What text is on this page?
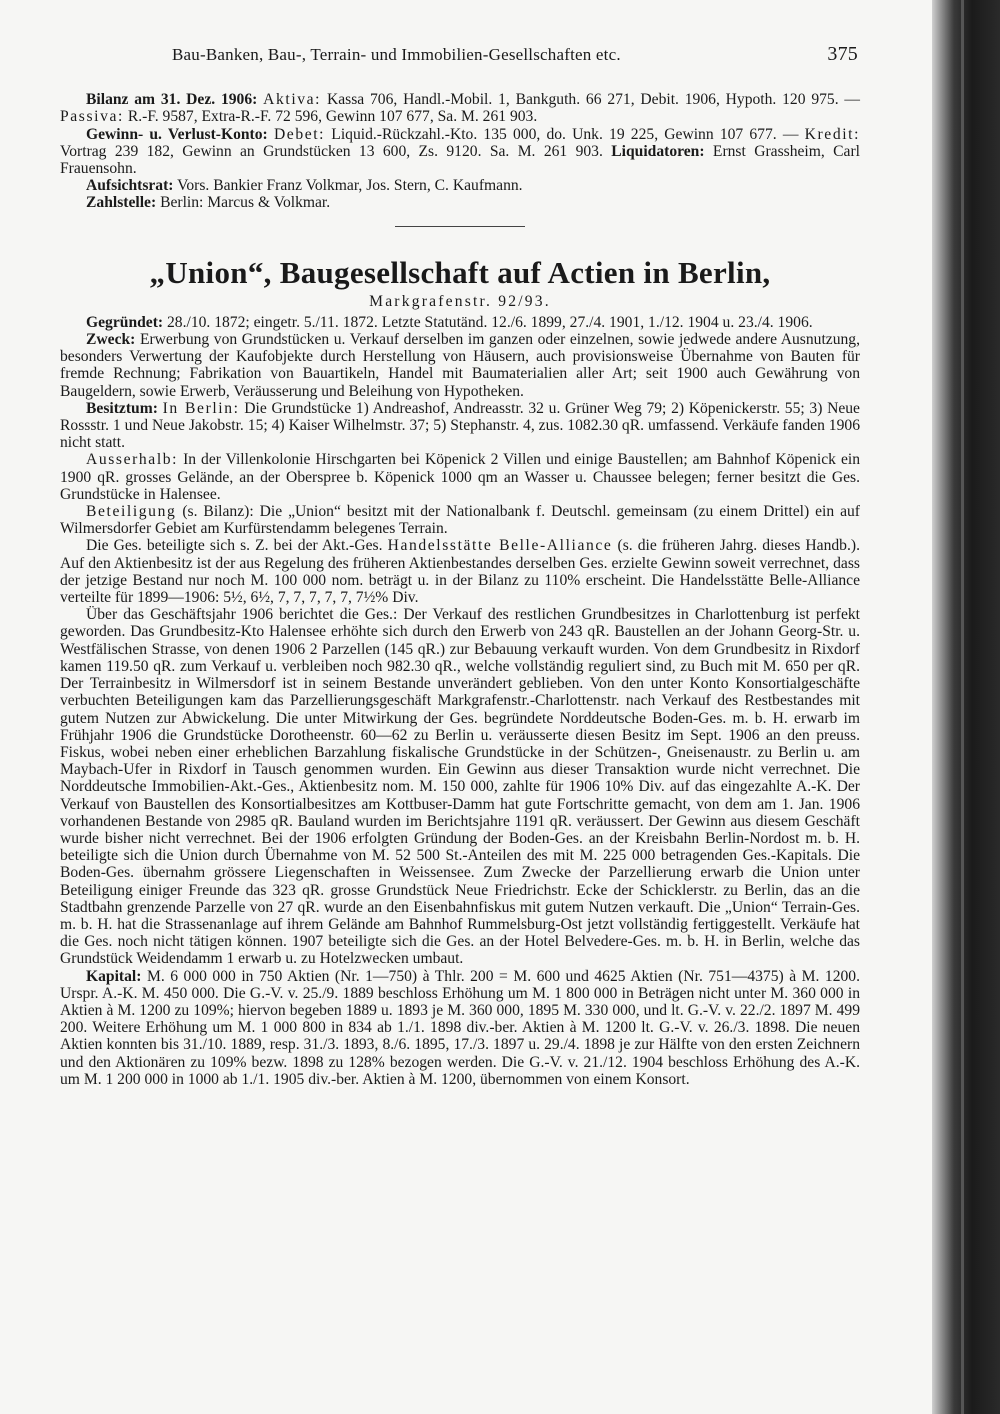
Bau-Banken, Bau-, Terrain- und Immobilien-Gesellschaften etc.	375

Bilanz am 31. Dez. 1906: Aktiva: Kassa 706, Handl.-Mobil. 1, Bankguth. 66 271, Debit. 1906, Hypoth. 120 975. — Passiva: R.-F. 9587, Extra-R.-F. 72 596, Gewinn 107 677, Sa. M. 261 903.

Gewinn- u. Verlust-Konto: Debet: Liquid.-Rückzahl.-Kto. 135 000, do. Unk. 19 225, Gewinn 107 677. — Kredit: Vortrag 239 182, Gewinn an Grundstücken 13 600, Zs. 9120. Sa. M. 261 903. Liquidatoren: Ernst Grassheim, Carl Frauensohn.

Aufsichtsrat: Vors. Bankier Franz Volkmar, Jos. Stern, C. Kaufmann.

Zahlstelle: Berlin: Marcus & Volkmar.

„Union“, Baugesellschaft auf Actien in Berlin,
Markgrafenstr. 92/93.

Gegründet: 28./10. 1872; eingetr. 5./11. 1872. Letzte Statutänd. 12./6. 1899, 27./4. 1901, 1./12. 1904 u. 23./4. 1906.

Zweck: Erwerbung von Grundstücken u. Verkauf derselben im ganzen oder einzelnen, sowie jedwede andere Ausnutzung, besonders Verwertung der Kaufobjekte durch Herstellung von Häusern, auch provisionsweise Übernahme von Bauten für fremde Rechnung; Fabrikation von Bauartikeln, Handel mit Baumaterialien aller Art; seit 1900 auch Gewährung von Baugeldern, sowie Erwerb, Veräusserung und Beleihung von Hypotheken.

Besitztum: In Berlin: Die Grundstücke 1) Andreashof, Andreasstr. 32 u. Grüner Weg 79; 2) Köpenickerstr. 55; 3) Neue Rossstr. 1 und Neue Jakobstr. 15; 4) Kaiser Wilhelmstr. 37; 5) Stephanstr. 4, zus. 1082.30 qR. umfassend. Verkäufe fanden 1906 nicht statt.

Ausserhalb: In der Villenkolonie Hirschgarten bei Köpenick 2 Villen und einige Baustellen; am Bahnhof Köpenick ein 1900 qR. grosses Gelände, an der Oberspree b. Köpenick 1000 qm an Wasser u. Chaussee belegen; ferner besitzt die Ges. Grundstücke in Halensee.

Beteiligung (s. Bilanz): Die „Union“ besitzt mit der Nationalbank f. Deutschl. gemeinsam (zu einem Drittel) ein auf Wilmersdorfer Gebiet am Kurfürstendamm belegenes Terrain.

Die Ges. beteiligte sich s. Z. bei der Akt.-Ges. Handelsstätte Belle-Alliance (s. die früheren Jahrg. dieses Handb.). Auf den Aktienbesitz ist der aus Regelung des früheren Aktienbestandes derselben Ges. erzielte Gewinn soweit verrechnet, dass der jetzige Bestand nur noch M. 100 000 nom. beträgt u. in der Bilanz zu 110% erscheint. Die Handelsstätte Belle-Alliance verteilte für 1899—1906: 5½, 6½, 7, 7, 7, 7, 7, 7½% Div.

Über das Geschäftsjahr 1906 berichtet die Ges.: Der Verkauf des restlichen Grundbesitzes in Charlottenburg ist perfekt geworden. Das Grundbesitz-Kto Halensee erhöhte sich durch den Erwerb von 243 qR. Baustellen an der Johann Georg-Str. u. Westfälischen Strasse, von denen 1906 2 Parzellen (145 qR.) zur Bebauung verkauft wurden. Von dem Grundbesitz in Rixdorf kamen 119.50 qR. zum Verkauf u. verbleiben noch 982.30 qR., welche vollständig reguliert sind, zu Buch mit M. 650 per qR. Der Terrainbesitz in Wilmersdorf ist in seinem Bestande unverändert geblieben. Von den unter Konto Konsortialgeschäfte verbuchten Beteiligungen kam das Parzellierungsgeschäft Markgrafenstr.-Charlottenstr. nach Verkauf des Restbestandes mit gutem Nutzen zur Abwickelung. Die unter Mitwirkung der Ges. begründete Norddeutsche Boden-Ges. m. b. H. erwarb im Frühjahr 1906 die Grundstücke Dorotheenstr. 60—62 zu Berlin u. veräusserte diesen Besitz im Sept. 1906 an den preuss. Fiskus, wobei neben einer erheblichen Barzahlung fiskalische Grundstücke in der Schützen-, Gneisenaustr. zu Berlin u. am Maybach-Ufer in Rixdorf in Tausch genommen wurden. Ein Gewinn aus dieser Transaktion wurde nicht verrechnet. Die Norddeutsche Immobilien-Akt.-Ges., Aktienbesitz nom. M. 150 000, zahlte für 1906 10% Div. auf das eingezahlte A.-K. Der Verkauf von Baustellen des Konsortialbesitzes am Kottbuser-Damm hat gute Fortschritte gemacht, von dem am 1. Jan. 1906 vorhandenen Bestande von 2985 qR. Bauland wurden im Berichtsjahre 1191 qR. veräussert. Der Gewinn aus diesem Geschäft wurde bisher nicht verrechnet. Bei der 1906 erfolgten Gründung der Boden-Ges. an der Kreisbahn Berlin-Nordost m. b. H. beteiligte sich die Union durch Übernahme von M. 52 500 St.-Anteilen des mit M. 225 000 betragenden Ges.-Kapitals. Die Boden-Ges. übernahm grössere Liegenschaften in Weissensee. Zum Zwecke der Parzellierung erwarb die Union unter Beteiligung einiger Freunde das 323 qR. grosse Grundstück Neue Friedrichstr. Ecke der Schicklerstr. zu Berlin, das an die Stadtbahn grenzende Parzelle von 27 qR. wurde an den Eisenbahnfiskus mit gutem Nutzen verkauft. Die „Union“ Terrain-Ges. m. b. H. hat die Strassenanlage auf ihrem Gelände am Bahnhof Rummelsburg-Ost jetzt vollständig fertiggestellt. Verkäufe hat die Ges. noch nicht tätigen können. 1907 beteiligte sich die Ges. an der Hotel Belvedere-Ges. m. b. H. in Berlin, welche das Grundstück Weidendamm 1 erwarb u. zu Hotelzwecken umbaut.

Kapital: M. 6 000 000 in 750 Aktien (Nr. 1—750) à Thlr. 200 = M. 600 und 4625 Aktien (Nr. 751—4375) à M. 1200. Urspr. A.-K. M. 450 000. Die G.-V. v. 25./9. 1889 beschloss Erhöhung um M. 1 800 000 in Beträgen nicht unter M. 360 000 in Aktien à M. 1200 zu 109%; hiervon begeben 1889 u. 1893 je M. 360 000, 1895 M. 330 000, und lt. G.-V. v. 22./2. 1897 M. 499 200. Weitere Erhöhung um M. 1 000 800 in 834 ab 1./1. 1898 div.-ber. Aktien à M. 1200 lt. G.-V. v. 26./3. 1898. Die neuen Aktien konnten bis 31./10. 1889, resp. 31./3. 1893, 8./6. 1895, 17./3. 1897 u. 29./4. 1898 je zur Hälfte von den ersten Zeichnern und den Aktionären zu 109% bezw. 1898 zu 128% bezogen werden. Die G.-V. v. 21./12. 1904 beschloss Erhöhung des A.-K. um M. 1 200 000 in 1000 ab 1./1. 1905 div.-ber. Aktien à M. 1200, übernommen von einem Konsort.
